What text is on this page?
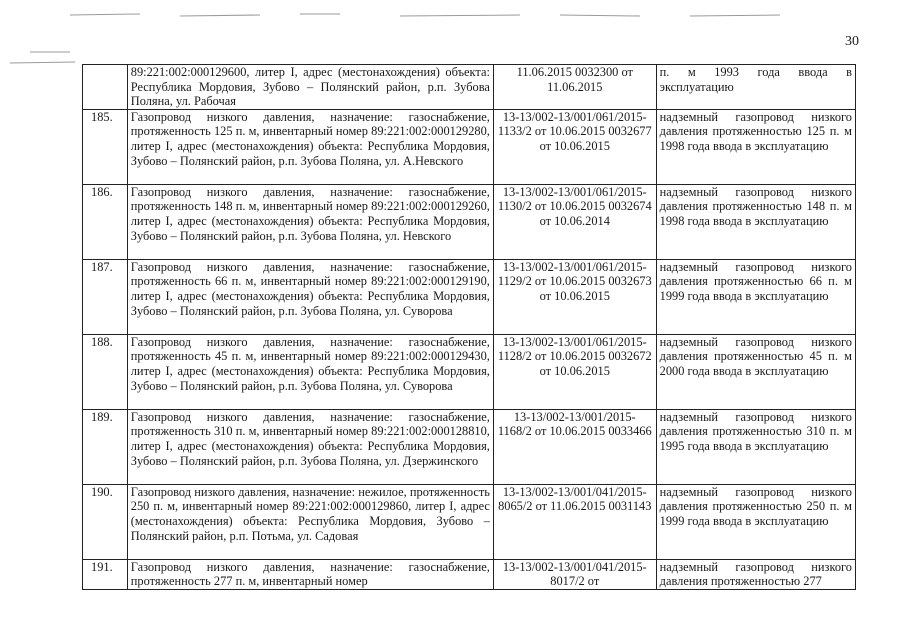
30
	89:221:002:000129600, литер I, адрес (местонахождения) объекта: Республика Мордовия, Зубово – Полянский район, р.п. Зубова Поляна, ул. Рабочая	11.06.2015 0032300 от 11.06.2015	п. м 1993 года ввода в эксплуатацию
185.	Газопровод низкого давления, назначение: газоснабжение, протяженность 125 п. м, инвентарный номер 89:221:002:000129280, литер I, адрес (местонахождения) объекта: Республика Мордовия, Зубово – Полянский район, р.п. Зубова Поляна, ул. А.Невского	13-13/002-13/001/061/2015-1133/2 от 10.06.2015 0032677 от 10.06.2015	надземный газопровод низкого давления протяженностью 125 п. м 1998 года ввода в эксплуатацию
186.	Газопровод низкого давления, назначение: газоснабжение, протяженность 148 п. м, инвентарный номер 89:221:002:000129260, литер I, адрес (местонахождения) объекта: Республика Мордовия, Зубово – Полянский район, р.п. Зубова Поляна, ул. Невского	13-13/002-13/001/061/2015-1130/2 от 10.06.2015 0032674 от 10.06.2014	надземный газопровод низкого давления протяженностью 148 п. м 1998 года ввода в эксплуатацию
187.	Газопровод низкого давления, назначение: газоснабжение, протяженность 66 п. м, инвентарный номер 89:221:002:000129190, литер I, адрес (местонахождения) объекта: Республика Мордовия, Зубово – Полянский район, р.п. Зубова Поляна, ул. Суворова	13-13/002-13/001/061/2015-1129/2 от 10.06.2015 0032673 от 10.06.2015	надземный газопровод низкого давления протяженностью 66 п. м 1999 года ввода в эксплуатацию
188.	Газопровод низкого давления, назначение: газоснабжение, протяженность 45 п. м, инвентарный номер 89:221:002:000129430, литер I, адрес (местонахождения) объекта: Республика Мордовия, Зубово – Полянский район, р.п. Зубова Поляна, ул. Суворова	13-13/002-13/001/061/2015-1128/2 от 10.06.2015 0032672 от 10.06.2015	надземный газопровод низкого давления протяженностью 45 п. м 2000 года ввода в эксплуатацию
189.	Газопровод низкого давления, назначение: газоснабжение, протяженность 310 п. м, инвентарный номер 89:221:002:000128810, литер I, адрес (местонахождения) объекта: Республика Мордовия, Зубово – Полянский район, р.п. Зубова Поляна, ул. Дзержинского	13-13/002-13/001/2015-1168/2 от 10.06.2015 0033466	надземный газопровод низкого давления протяженностью 310 п. м 1995 года ввода в эксплуатацию
190.	Газопровод низкого давления, назначение: нежилое, протяженность 250 п. м, инвентарный номер 89:221:002:000129860, литер I, адрес (местонахождения) объекта: Республика Мордовия, Зубово – Полянский район, р.п. Потьма, ул. Садовая	13-13/002-13/001/041/2015-8065/2 от 11.06.2015 0031143	надземный газопровод низкого давления протяженностью 250 п. м 1999 года ввода в эксплуатацию
191.	Газопровод низкого давления, назначение: газоснабжение, протяженность 277 п. м, инвентарный номер	13-13/002-13/001/041/2015-8017/2 от	надземный газопровод низкого давления протяженностью 277
